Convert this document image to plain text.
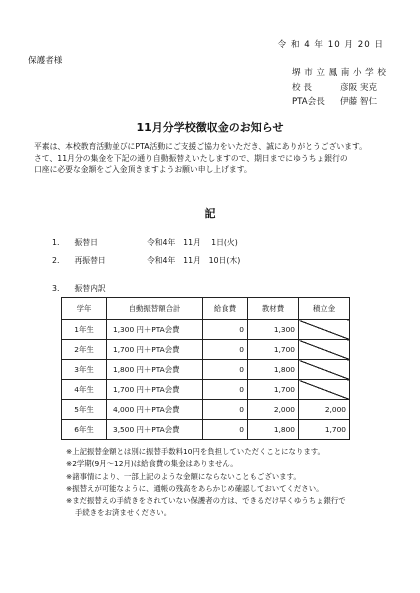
令 和 4 年 10 月 20 日
保護者様
堺市立鳳南小学校
校 長	彦阪 実克
PTA会長	伊藤 智仁
11月分学校徴収金のお知らせ
平素は、本校教育活動並びにPTA活動にご支援ご協力をいただき、誠にありがとうございます。
さて、11月分の集金を下記の通り自動振替えいたしますので、期日までにゆうちょ銀行の
口座に必要な金額をご入金頂きますようお願い申し上げます。
記
1. 振替日	令和4年　11月　 1日(火)
2. 再振替日	令和4年　11月　10日(木)
3. 振替内訳
学年	自動振替額合計	給食費	教材費	積立金
1年生	1,300 円＋PTA会費	0	1,300	
2年生	1,700 円＋PTA会費	0	1,700	
3年生	1,800 円＋PTA会費	0	1,800	
4年生	1,700 円＋PTA会費	0	1,700	
5年生	4,000 円＋PTA会費	0	2,000	2,000
6年生	3,500 円＋PTA会費	0	1,800	1,700
※上記振替金額とは別に振替手数料10円を負担していただくことになります。
※2学期(9月～12月)は給食費の集金はありません。
※諸事情により、一部上記のような金額にならないこともございます。
※振替えが可能なように、通帳の残高をあらかじめ確認しておいてください。
※まだ振替えの手続きをされていない保護者の方は、できるだけ早くゆうちょ銀行で
手続きをお済ませください。
